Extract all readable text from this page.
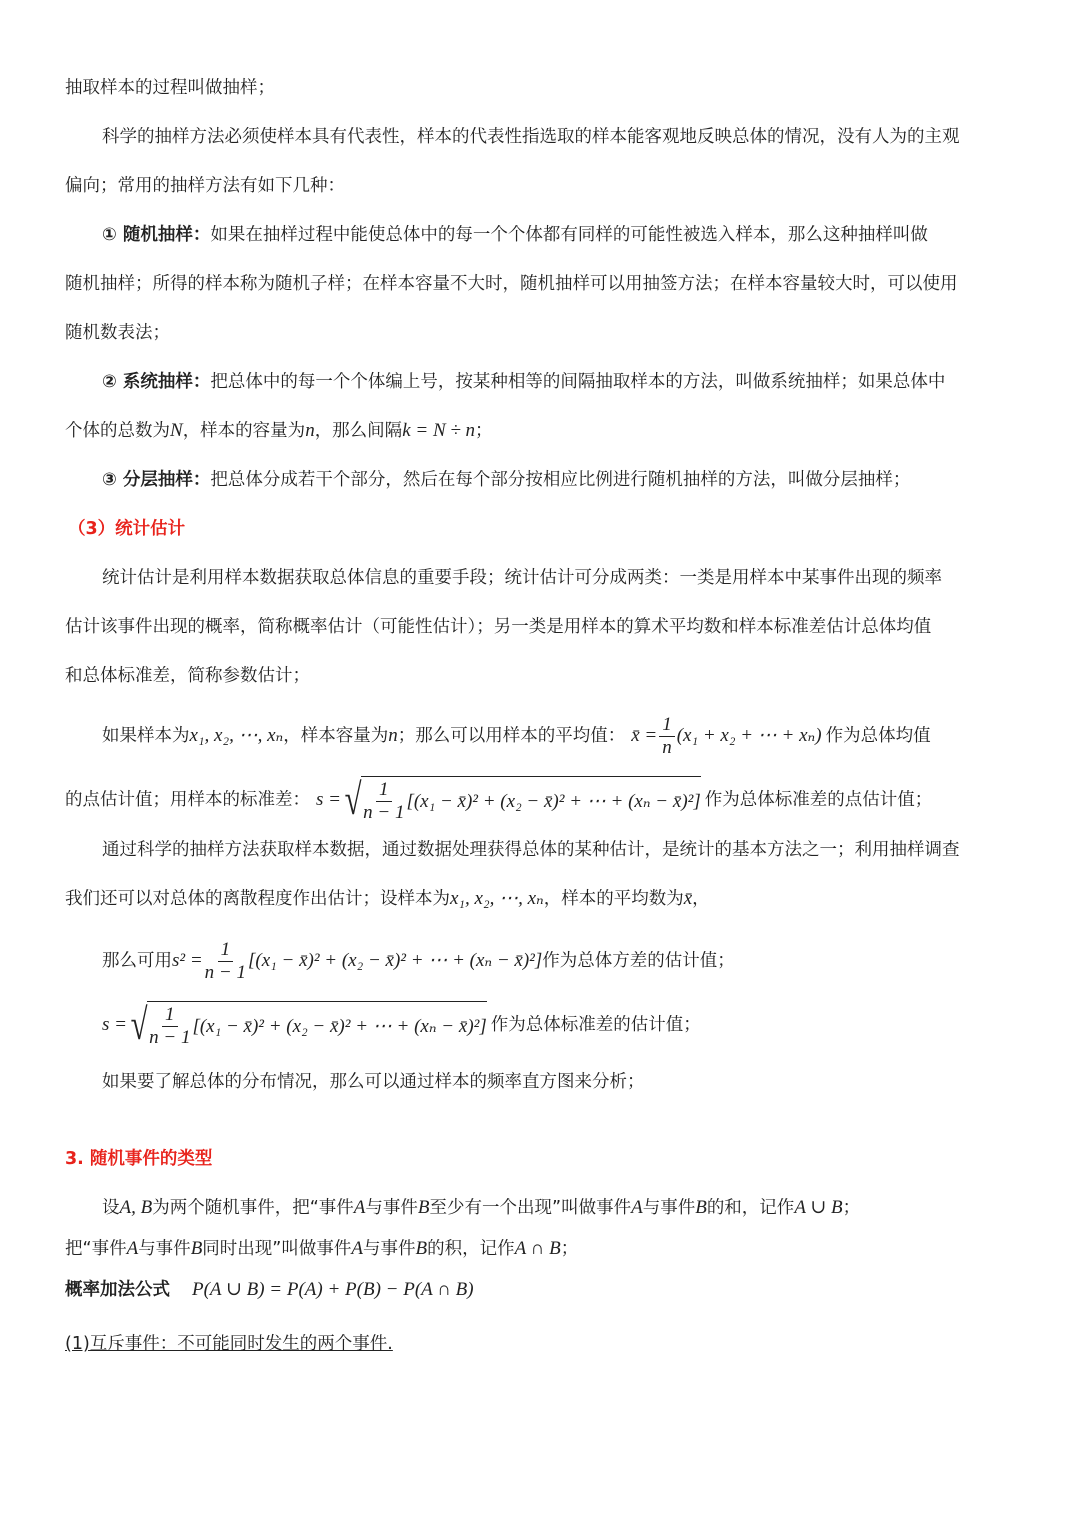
抽取样本的过程叫做抽样；
科学的抽样方法必须使样本具有代表性，样本的代表性指选取的样本能客观地反映总体的情况，没有人为的主观
偏向；常用的抽样方法有如下几种：
① 随机抽样：如果在抽样过程中能使总体中的每一个个体都有同样的可能性被选入样本，那么这种抽样叫做
随机抽样；所得的样本称为随机子样；在样本容量不大时，随机抽样可以用抽签方法；在样本容量较大时，可以使用
随机数表法；
② 系统抽样：把总体中的每一个个体编上号，按某种相等的间隔抽取样本的方法，叫做系统抽样；如果总体中
个体的总数为N，样本的容量为n，那么间隔k = N ÷ n；
③ 分层抽样：把总体分成若干个部分，然后在每个部分按相应比例进行随机抽样的方法，叫做分层抽样；
（3）统计估计
统计估计是利用样本数据获取总体信息的重要手段；统计估计可分成两类：一类是用样本中某事件出现的频率
估计该事件出现的概率，简称概率估计（可能性估计）；另一类是用样本的算术平均数和样本标准差估计总体均值
和总体标准差，简称参数估计；
如果样本为 x₁, x₂, ⋯, xₙ ，样本容量为 n ；那么可以用样本的平均值： x̄ = $\frac{1}{n} (x_1 + x_2$ + ⋯ + xₙ) 作为总体均值
的点估计值；用样本的标准差： s = √ $\frac{1}{n - 1} [(x_1$ − x̄)² + (x₂ − x̄)² + ⋯ + (xₙ − x̄)²] 作为总体标准差的点估计值；
通过科学的抽样方法获取样本数据，通过数据处理获得总体的某种估计，是统计的基本方法之一；利用抽样调查
我们还可以对总体的离散程度作出估计；设样本为x₁, x₂, ⋯, xₙ，样本的平均数为x̄，
那么可用 $s^2 = \frac{1}{n - 1} [(x_1$ − x̄)² + (x₂ − x̄)² + ⋯ + (xₙ − x̄)²] 作为总体方差的估计值；
s = √ $\frac{1}{n - 1} [(x_1$ − x̄)² + (x₂ − x̄)² + ⋯ + (xₙ − x̄)²] 作为总体标准差的估计值；
如果要了解总体的分布情况，那么可以通过样本的频率直方图来分析；
3. 随机事件的类型
设A, B为两个随机事件，把“事件A与事件B至少有一个出现”叫做事件A与事件B的和，记作A ∪ B；
把“事件A与事件B同时出现”叫做事件A与事件B的积，记作A ∩ B；
概率加法公式 P(A ∪ B) = P(A) + P(B) − P(A ∩ B)
(1)互斥事件：不可能同时发生的两个事件.
